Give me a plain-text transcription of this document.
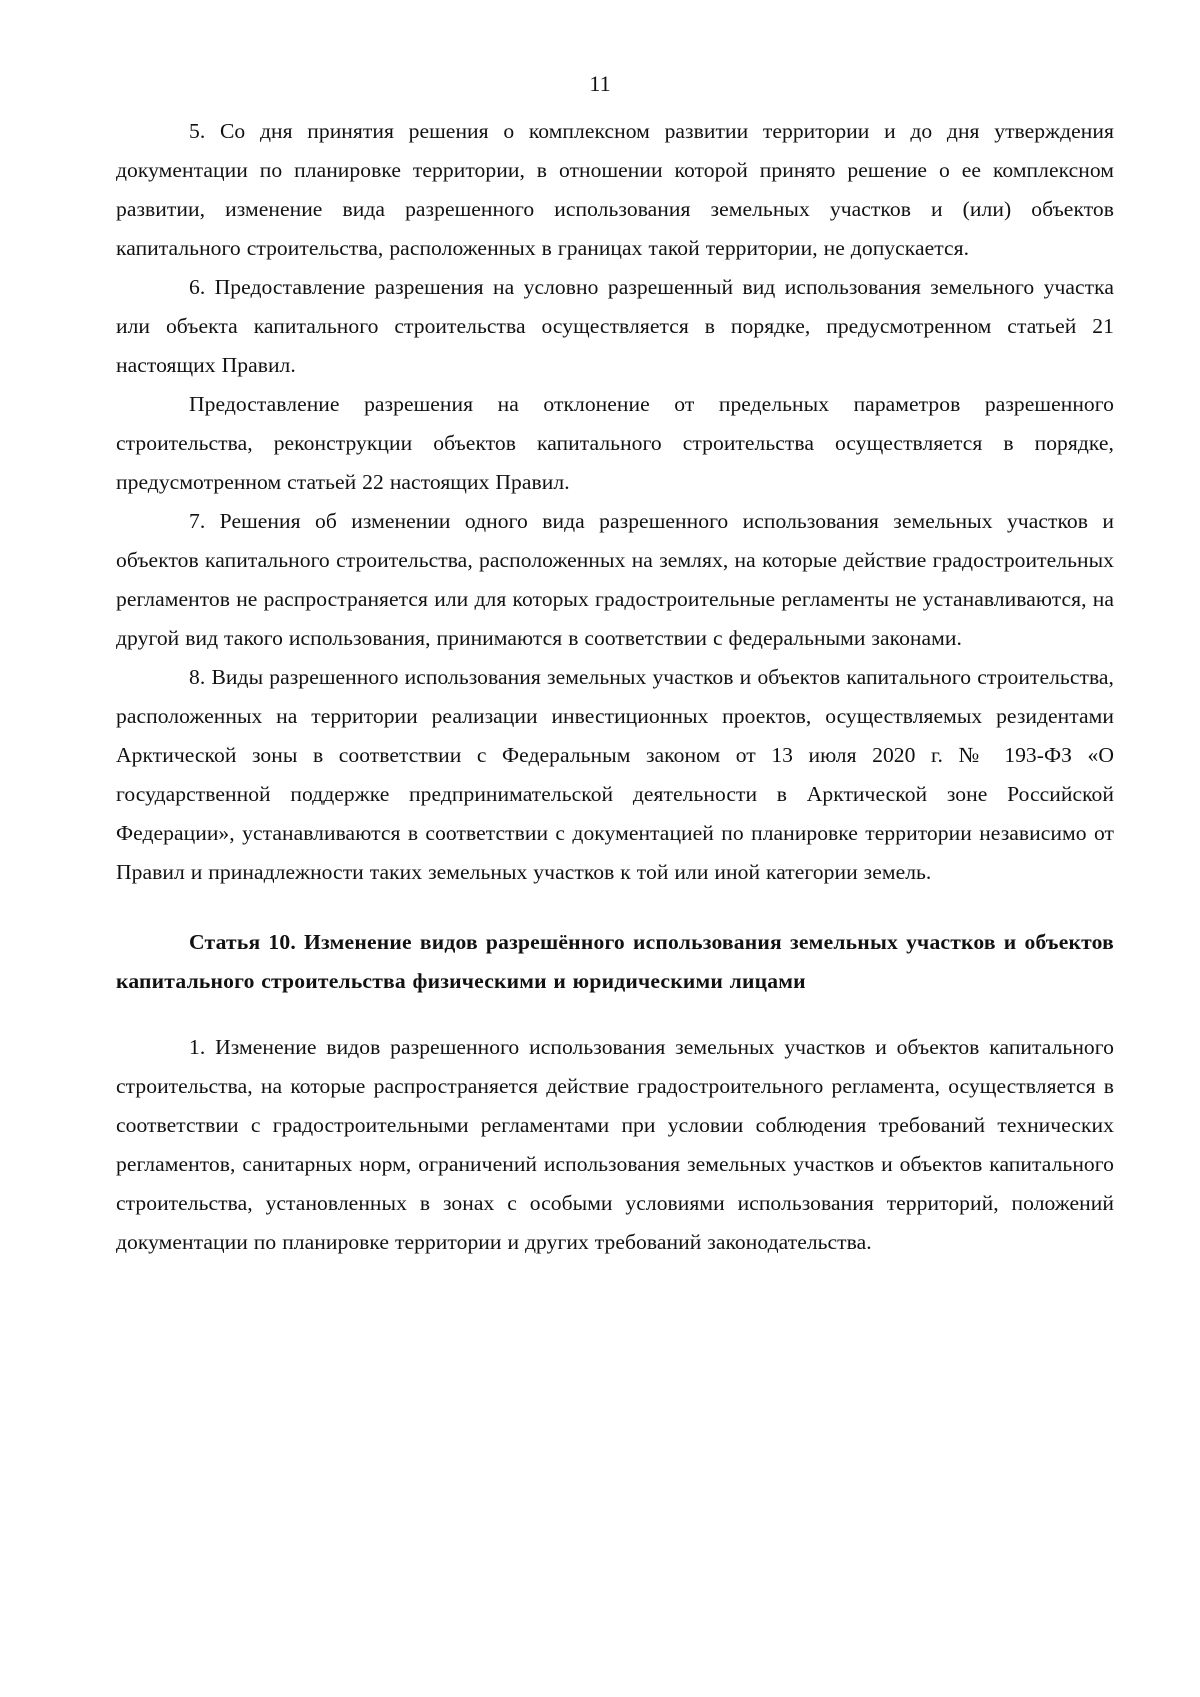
11

5. Со дня принятия решения о комплексном развитии территории и до дня утверждения документации по планировке территории, в отношении которой принято решение о ее комплексном развитии, изменение вида разрешенного использования земельных участков и (или) объектов капитального строительства, расположенных в границах такой территории, не допускается.

6. Предоставление разрешения на условно разрешенный вид использования земельного участка или объекта капитального строительства осуществляется в порядке, предусмотренном статьей 21 настоящих Правил.

Предоставление разрешения на отклонение от предельных параметров разрешенного строительства, реконструкции объектов капитального строительства осуществляется в порядке, предусмотренном статьей 22 настоящих Правил.

7. Решения об изменении одного вида разрешенного использования земельных участков и объектов капитального строительства, расположенных на землях, на которые действие градостроительных регламентов не распространяется или для которых градостроительные регламенты не устанавливаются, на другой вид такого использования, принимаются в соответствии с федеральными законами.

8. Виды разрешенного использования земельных участков и объектов капитального строительства, расположенных на территории реализации инвестиционных проектов, осуществляемых резидентами Арктической зоны в соответствии с Федеральным законом от 13 июля 2020 г. № 193-ФЗ «О государственной поддержке предпринимательской деятельности в Арктической зоне Российской Федерации», устанавливаются в соответствии с документацией по планировке территории независимо от Правил и принадлежности таких земельных участков к той или иной категории земель.

Статья 10. Изменение видов разрешённого использования земельных участков и объектов капитального строительства физическими и юридическими лицами

1. Изменение видов разрешенного использования земельных участков и объектов капитального строительства, на которые распространяется действие градостроительного регламента, осуществляется в соответствии с градостроительными регламентами при условии соблюдения требований технических регламентов, санитарных норм, ограничений использования земельных участков и объектов капитального строительства, установленных в зонах с особыми условиями использования территорий, положений документации по планировке территории и других требований законодательства.
